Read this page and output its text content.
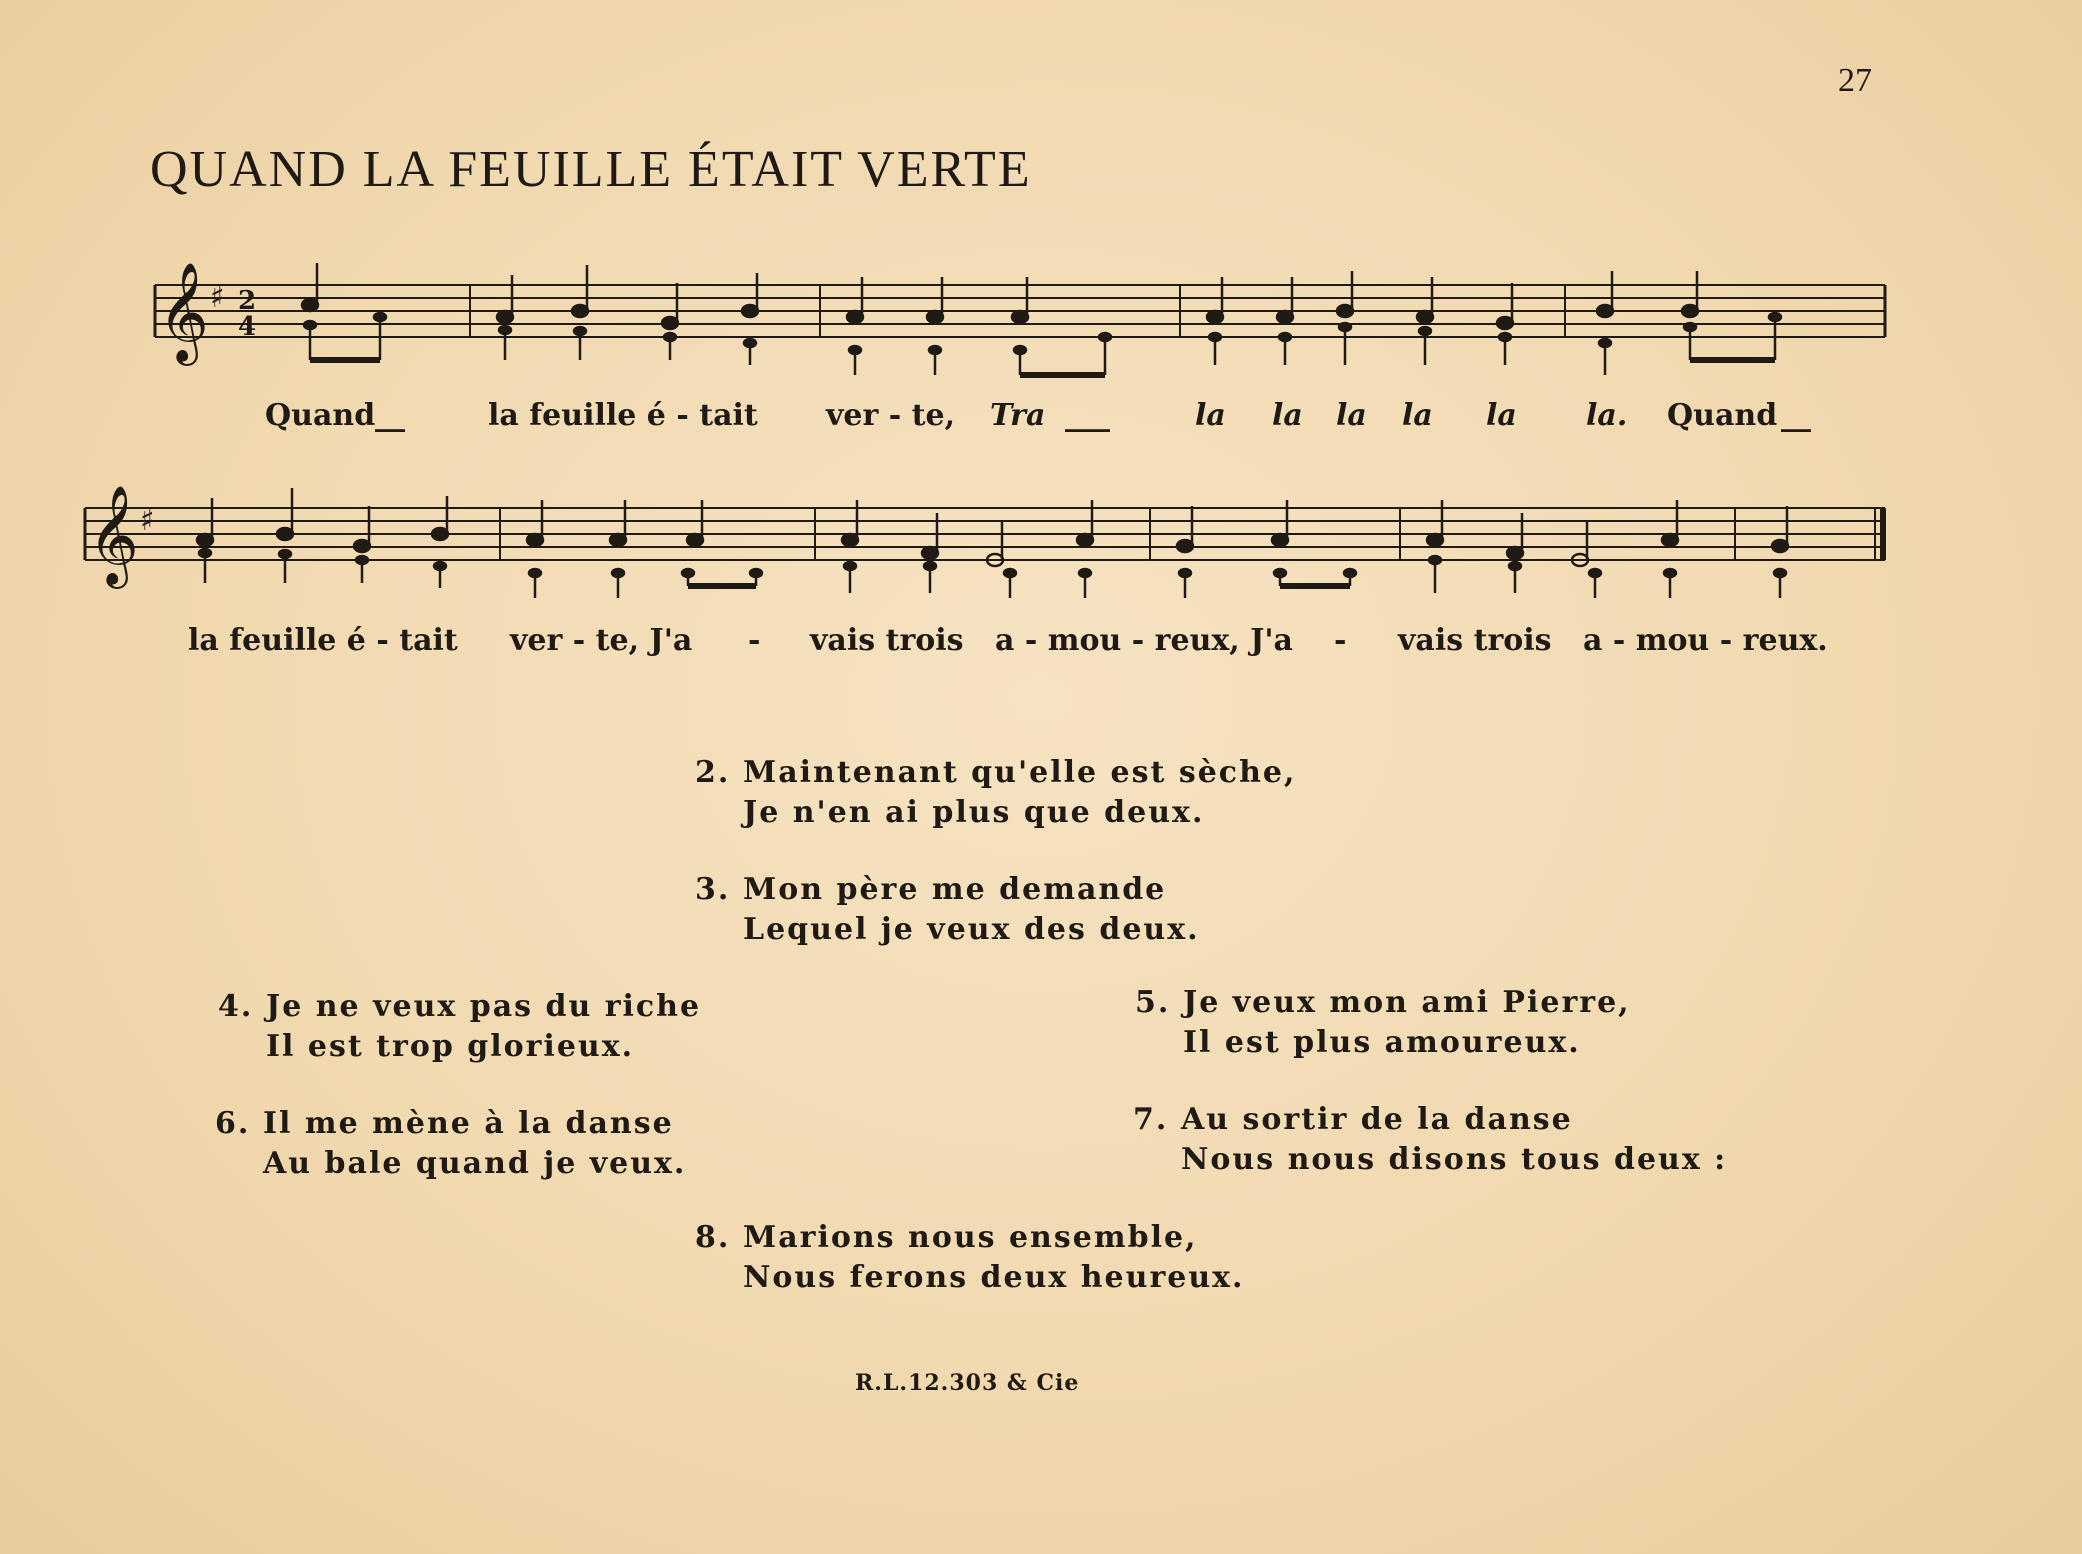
27
QUAND LA FEUILLE ÉTAIT VERTE
𝄞 ♯ 2
4
Quand __	la feuille é - tait ver - te, Tra ___	la la la la la la. Quand __
𝄞 ♯
la feuille é - tait ver - te, J'a - vais trois a - mou - reux, J'a - vais trois a - mou - reux.
2. Maintenant qu'elle est sèche,
Je n'en ai plus que deux.
3. Mon père me demande
Lequel je veux des deux.
4. Je ne veux pas du riche
Il est trop glorieux.
5. Je veux mon ami Pierre,
Il est plus amoureux.
6. Il me mène à la danse
Au bale quand je veux.
7. Au sortir de la danse
Nous nous disons tous deux :
8. Marions nous ensemble,
Nous ferons deux heureux.
R.L.12.303 & Cie
